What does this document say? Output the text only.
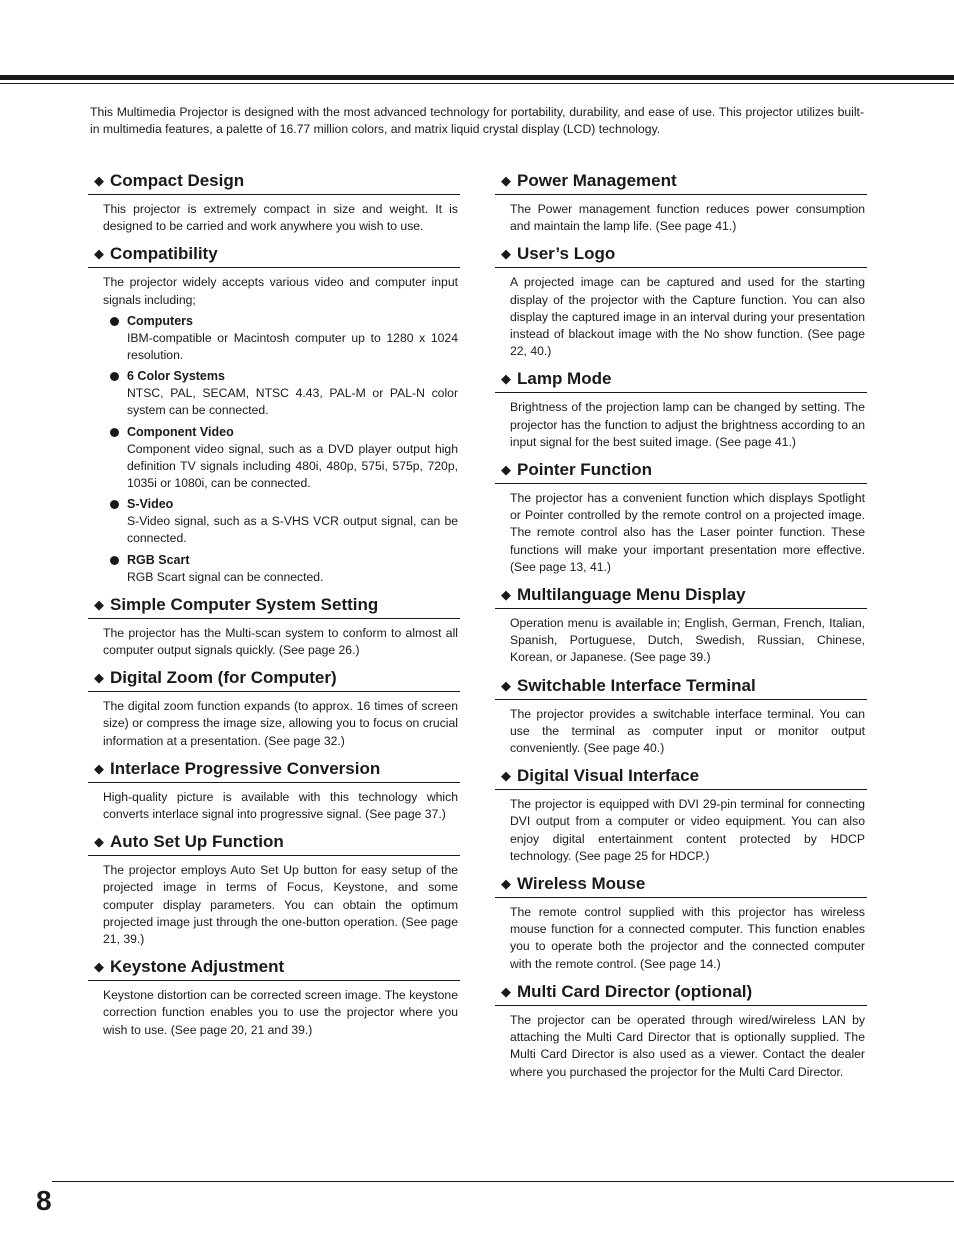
This Multimedia Projector is designed with the most advanced technology for portability, durability, and ease of use. This projector utilizes built-in multimedia features, a palette of 16.77 million colors, and matrix liquid crystal display (LCD) technology.

◆ Compact Design

This projector is extremely compact in size and weight. It is designed to be carried and work anywhere you wish to use.

◆ Compatibility

The projector widely accepts various video and computer input signals including;

Computers

IBM-compatible or Macintosh computer up to 1280 x 1024 resolution.

6 Color Systems

NTSC, PAL, SECAM, NTSC 4.43, PAL-M or PAL-N color system can be connected.

Component Video

Component video signal, such as a DVD player output high definition TV signals including 480i, 480p, 575i, 575p, 720p, 1035i or 1080i, can be connected.

S-Video

S-Video signal, such as a S-VHS VCR output signal, can be connected.

RGB Scart

RGB Scart signal can be connected.

◆ Simple Computer System Setting

The projector has the Multi-scan system to conform to almost all computer output signals quickly. (See page 26.)

◆ Digital Zoom (for Computer)

The digital zoom function expands (to approx. 16 times of screen size) or compress the image size, allowing you to focus on crucial information at a presentation. (See page 32.)

◆ Interlace Progressive Conversion

High-quality picture is available with this technology which converts interlace signal into progressive signal. (See page 37.)

◆ Auto Set Up Function

The projector employs Auto Set Up button for easy setup of the projected image in terms of Focus, Keystone, and some computer display parameters. You can obtain the optimum projected image just through the one-button operation. (See page 21, 39.)

◆ Keystone Adjustment

Keystone distortion can be corrected screen image. The keystone correction function enables you to use the projector where you wish to use. (See page 20, 21 and 39.)

◆ Power Management

The Power management function reduces power consumption and maintain the lamp life. (See page 41.)

◆ User’s Logo

A projected image can be captured and used for the starting display of the projector with the Capture function. You can also display the captured image in an interval during your presentation instead of blackout image with the No show function. (See page 22, 40.)

◆ Lamp Mode

Brightness of the projection lamp can be changed by setting. The projector has the function to adjust the brightness according to an input signal for the best suited image. (See page 41.)

◆ Pointer Function

The projector has a convenient function which displays Spotlight or Pointer controlled by the remote control on a projected image. The remote control also has the Laser pointer function. These functions will make your important presentation more effective. (See page 13, 41.)

◆ Multilanguage Menu Display

Operation menu is available in; English, German, French, Italian, Spanish, Portuguese, Dutch, Swedish, Russian, Chinese, Korean, or Japanese. (See page 39.)

◆ Switchable Interface Terminal

The projector provides a switchable interface terminal. You can use the terminal as computer input or monitor output conveniently. (See page 40.)

◆ Digital Visual Interface

The projector is equipped with DVI 29-pin terminal for connecting DVI output from a computer or video equipment. You can also enjoy digital entertainment content protected by HDCP technology. (See page 25 for HDCP.)

◆ Wireless Mouse

The remote control supplied with this projector has wireless mouse function for a connected computer. This function enables you to operate both the projector and the connected computer with the remote control. (See page 14.)

◆ Multi Card Director (optional)

The projector can be operated through wired/wireless LAN by attaching the Multi Card Director that is optionally supplied. The Multi Card Director is also used as a viewer. Contact the dealer where you purchased the projector for the Multi Card Director.

8
